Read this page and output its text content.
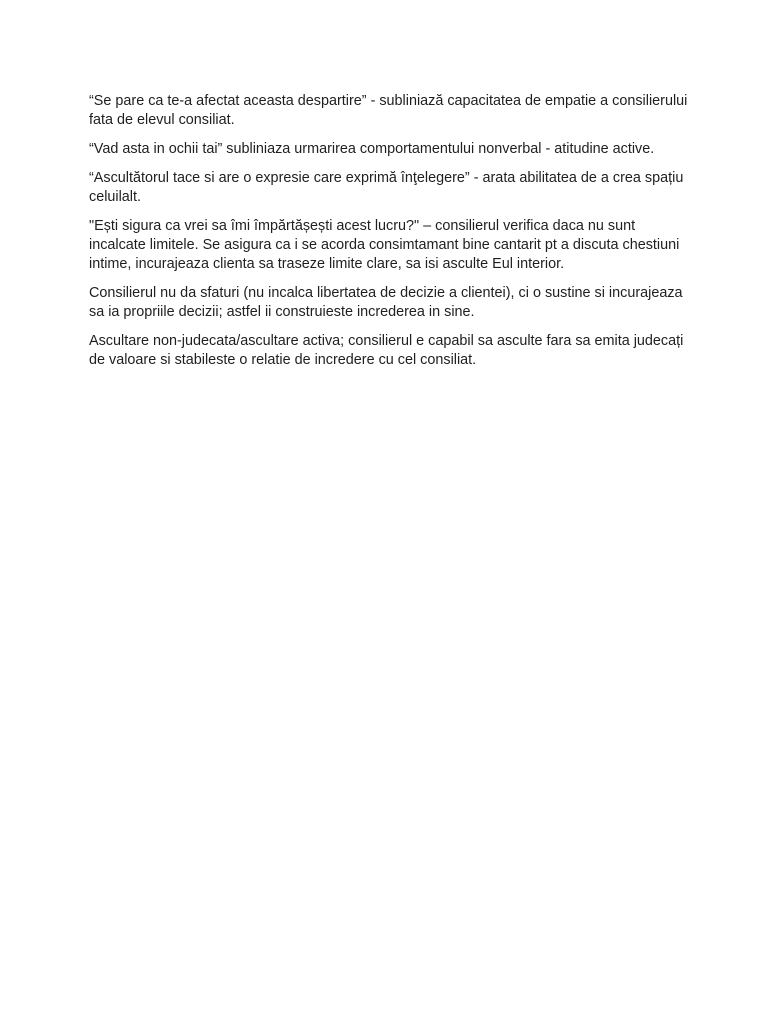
“Se pare ca te-a afectat aceasta despartire” - subliniază capacitatea de empatie a consilierului fata de elevul consiliat.

“Vad asta in ochii tai” subliniaza urmarirea comportamentului nonverbal - atitudine active.

“Ascultătorul tace si are o expresie care exprimă înţelegere” - arata abilitatea de a crea spațiu celuilalt.

"Ești sigura ca vrei sa îmi împărtășești acest lucru?" – consilierul verifica daca nu sunt incalcate limitele. Se asigura ca i se acorda consimtamant bine cantarit pt a discuta chestiuni intime, incurajeaza clienta sa traseze limite clare, sa isi asculte Eul interior.

Consilierul nu da sfaturi (nu incalca libertatea de decizie a clientei), ci o sustine si incurajeaza sa ia propriile decizii; astfel ii construieste increderea in sine.

Ascultare non-judecata/ascultare activa; consilierul e capabil sa asculte fara sa emita judecați de valoare si stabileste o relatie de incredere cu cel consiliat.
